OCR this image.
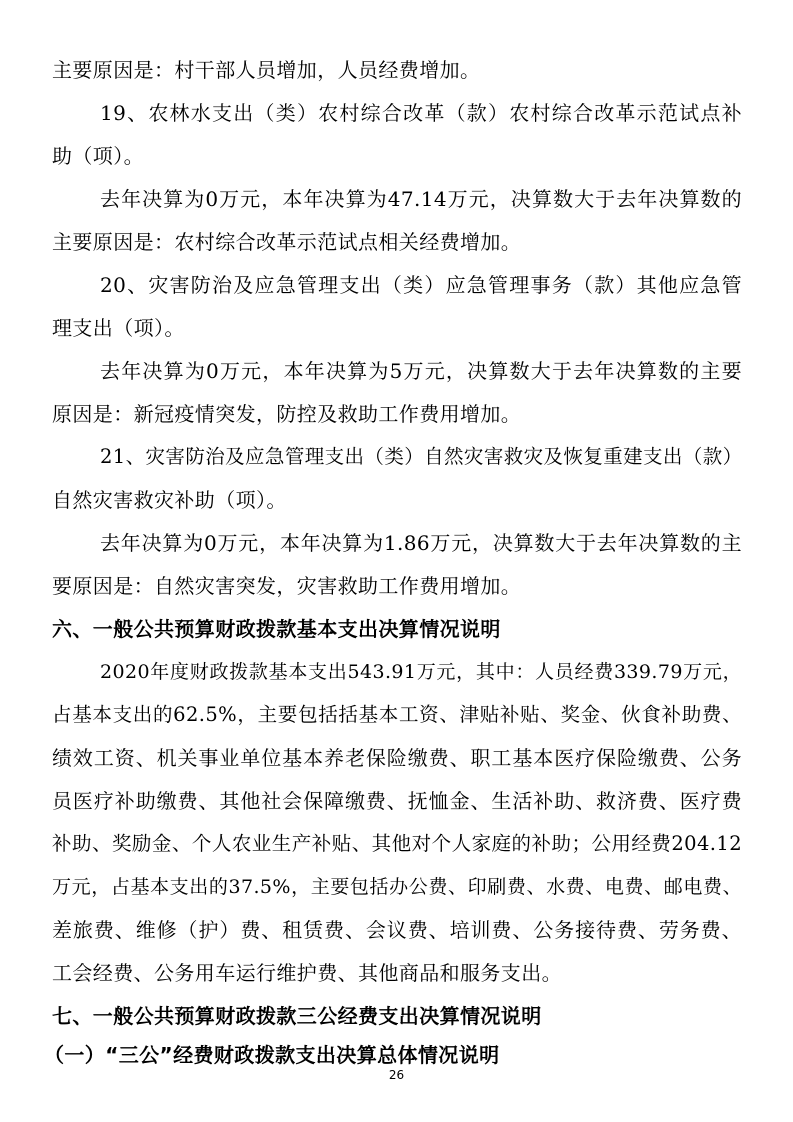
主要原因是：村干部人员增加，人员经费增加。
19、农林水支出（类）农村综合改革（款）农村综合改革示范试点补
助（项）。
去年决算为0万元，本年决算为47.14万元，决算数大于去年决算数的
主要原因是：农村综合改革示范试点相关经费增加。
20、灾害防治及应急管理支出（类）应急管理事务（款）其他应急管
理支出（项）。
去年决算为0万元，本年决算为5万元，决算数大于去年决算数的主要
原因是：新冠疫情突发，防控及救助工作费用增加。
21、灾害防治及应急管理支出（类）自然灾害救灾及恢复重建支出（款）
自然灾害救灾补助（项）。
去年决算为0万元，本年决算为1.86万元，决算数大于去年决算数的主
要原因是：自然灾害突发，灾害救助工作费用增加。
六、一般公共预算财政拨款基本支出决算情况说明
2020年度财政拨款基本支出543.91万元，其中：人员经费339.79万元，
占基本支出的62.5%，主要包括括基本工资、津贴补贴、奖金、伙食补助费、
绩效工资、机关事业单位基本养老保险缴费、职工基本医疗保险缴费、公务
员医疗补助缴费、其他社会保障缴费、抚恤金、生活补助、救济费、医疗费
补助、奖励金、个人农业生产补贴、其他对个人家庭的补助；公用经费204.12
万元，占基本支出的37.5%，主要包括办公费、印刷费、水费、电费、邮电费、
差旅费、维修（护）费、租赁费、会议费、培训费、公务接待费、劳务费、
工会经费、公务用车运行维护费、其他商品和服务支出。
七、一般公共预算财政拨款三公经费支出决算情况说明
（一）“三公”经费财政拨款支出决算总体情况说明
26
